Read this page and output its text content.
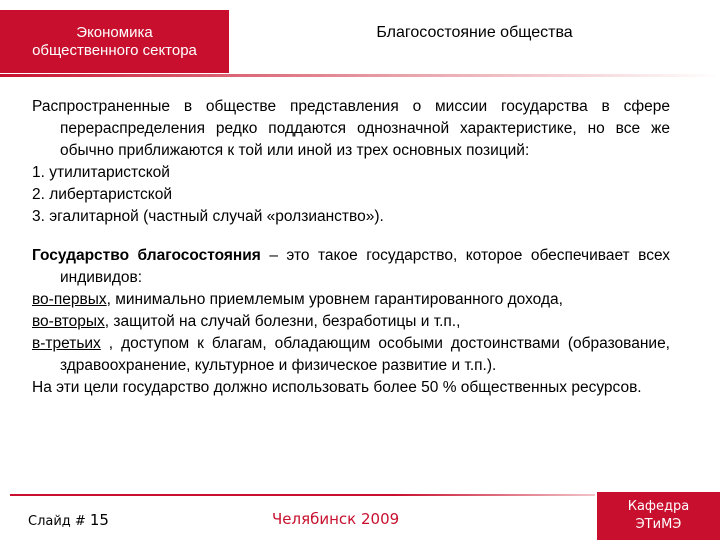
Экономика
общественного сектора
Благосостояние общества

Распространенные в обществе представления о миссии государства в сфере перераспределения редко поддаются однозначной характеристике, но все же обычно приближаются к той или иной из трех основных позиций:

1. утилитаристской

2. либертаристской

3. эгалитарной (частный случай «ролзианство»).

Государство благосостояния – это такое государство, которое обеспечивает всех индивидов:

во-первых, минимально приемлемым уровнем гарантированного дохода,

во-вторых, защитой на случай болезни, безработицы и т.п.,

в-третьих , доступом к благам, обладающим особыми достоинствами (образование, здравоохранение, культурное и физическое развитие и т.п.).

На эти цели государство должно использовать более 50 % общественных ресурсов.

Слайд # 15	Челябинск 2009
Кафедра
ЭТиМЭ
